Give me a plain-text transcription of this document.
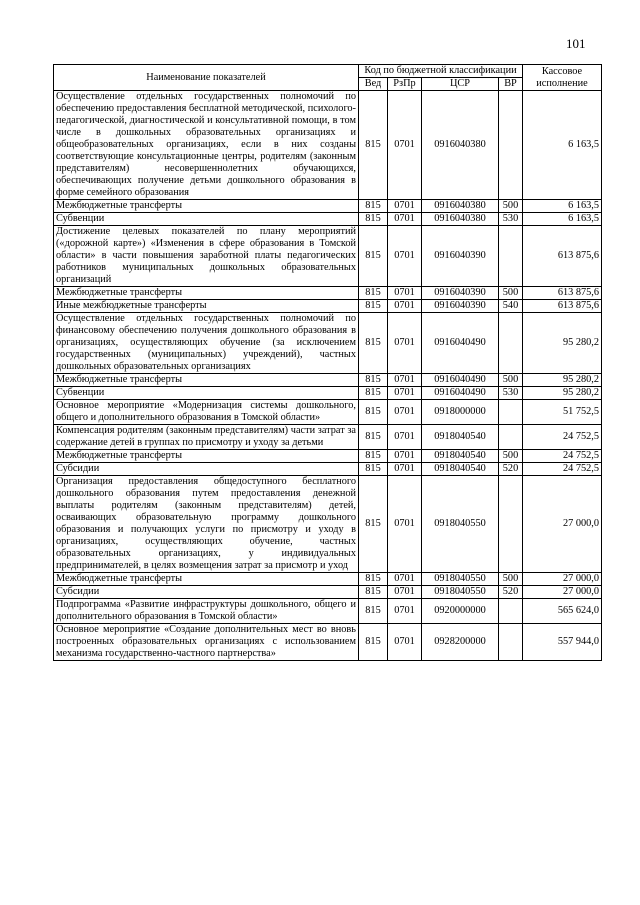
101
Наименование показателей	Код по бюджетной классификации				Кассовое исполнение
	Вед	РзПр	ЦСР	ВР	
Осуществление отдельных государственных полномочий по обеспечению предоставления бесплатной методической, психолого-педагогической, диагностической и консультативной помощи, в том числе в дошкольных образовательных организациях и общеобразовательных организациях, если в них созданы соответствующие консультационные центры, родителям (законным представителям) несовершеннолетних обучающихся, обеспечивающих получение детьми дошкольного образования в форме семейного образования	815	0701	0916040380		6 163,5
Межбюджетные трансферты	815	0701	0916040380	500	6 163,5
Субвенции	815	0701	0916040380	530	6 163,5
Достижение целевых показателей по плану мероприятий («дорожной карте») «Изменения в сфере образования в Томской области» в части повышения заработной платы педагогических работников муниципальных дошкольных образовательных организаций	815	0701	0916040390		613 875,6
Межбюджетные трансферты	815	0701	0916040390	500	613 875,6
Иные межбюджетные трансферты	815	0701	0916040390	540	613 875,6
Осуществление отдельных государственных полномочий по финансовому обеспечению получения дошкольного образования в организациях, осуществляющих обучение (за исключением государственных (муниципальных) учреждений), частных дошкольных образовательных организациях	815	0701	0916040490		95 280,2
Межбюджетные трансферты	815	0701	0916040490	500	95 280,2
Субвенции	815	0701	0916040490	530	95 280,2
Основное мероприятие «Модернизация системы дошкольного, общего и дополнительного образования в Томской области»	815	0701	0918000000		51 752,5
Компенсация родителям (законным представителям) части затрат за содержание детей в группах по присмотру и уходу за детьми	815	0701	0918040540		24 752,5
Межбюджетные трансферты	815	0701	0918040540	500	24 752,5
Субсидии	815	0701	0918040540	520	24 752,5
Организация предоставления общедоступного бесплатного дошкольного образования путем предоставления денежной выплаты родителям (законным представителям) детей, осваивающих образовательную программу дошкольного образования и получающих услуги по присмотру и уходу в организациях, осуществляющих обучение, частных образовательных организациях, у индивидуальных предпринимателей, в целях возмещения затрат за присмотр и уход	815	0701	0918040550		27 000,0
Межбюджетные трансферты	815	0701	0918040550	500	27 000,0
Субсидии	815	0701	0918040550	520	27 000,0
Подпрограмма «Развитие инфраструктуры дошкольного, общего и дополнительного образования в Томской области»	815	0701	0920000000		565 624,0
Основное мероприятие «Создание дополнительных мест во вновь построенных образовательных организациях с использованием механизма государственно-частного партнерства»	815	0701	0928200000		557 944,0
